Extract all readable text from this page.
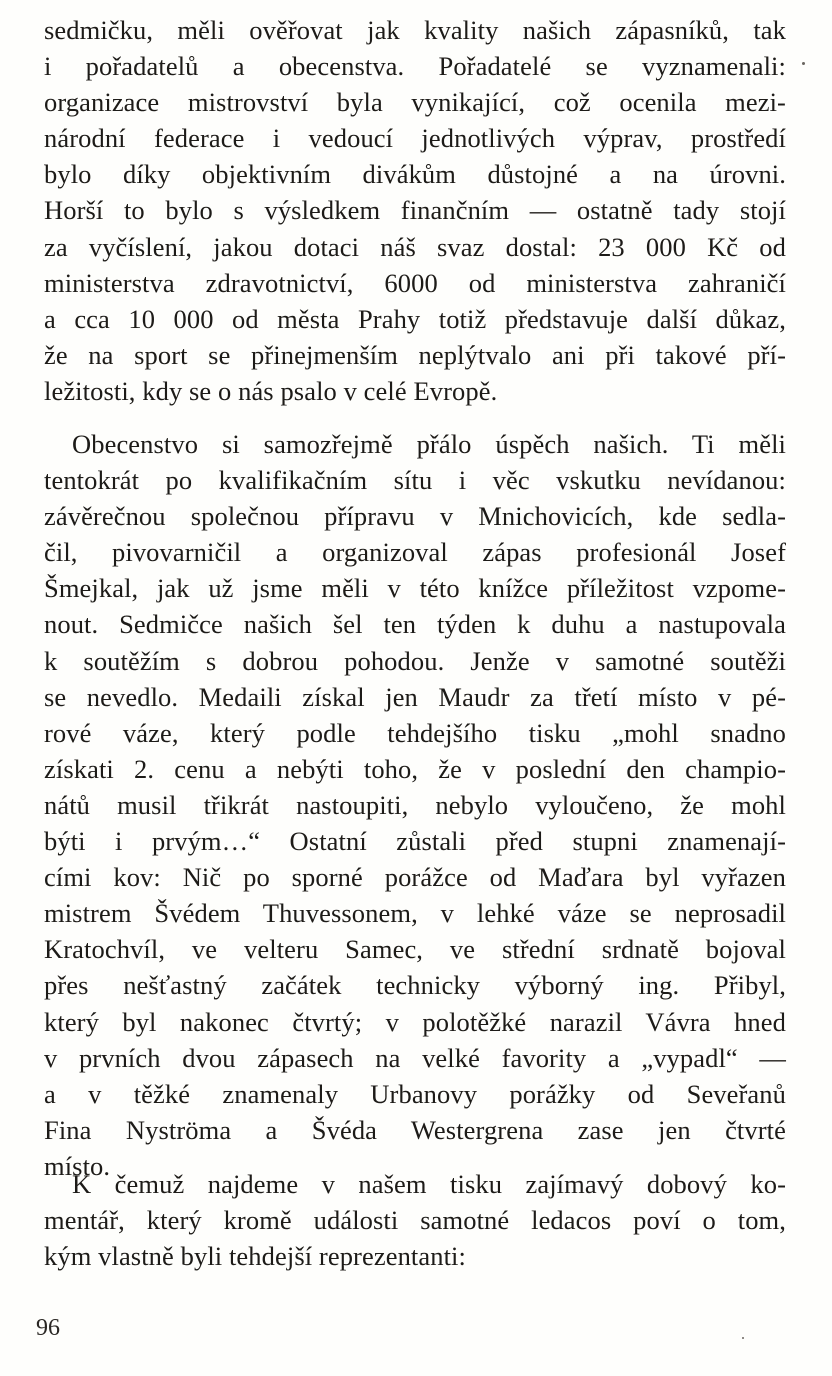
sedmičku, měli ověřovat jak kvality našich zápasníků, tak
i pořadatelů a obecenstva. Pořadatelé se vyznamenali:
organizace mistrovství byla vynikající, což ocenila mezi-
národní federace i vedoucí jednotlivých výprav, prostředí
bylo díky objektivním divákům důstojné a na úrovni.
Horší to bylo s výsledkem finančním — ostatně tady stojí
za vyčíslení, jakou dotaci náš svaz dostal: 23 000 Kč od
ministerstva zdravotnictví, 6000 od ministerstva zahraničí
a cca 10 000 od města Prahy totiž představuje další důkaz,
že na sport se přinejmenším neplýtvalo ani při takové pří-
ležitosti, kdy se o nás psalo v celé Evropě.
Obecenstvo si samozřejmě přálo úspěch našich. Ti měli
tentokrát po kvalifikačním sítu i věc vskutku nevídanou:
závěrečnou společnou přípravu v Mnichovicích, kde sedla-
čil, pivovarničil a organizoval zápas profesionál Josef
Šmejkal, jak už jsme měli v této knížce příležitost vzpome-
nout. Sedmičce našich šel ten týden k duhu a nastupovala
k soutěžím s dobrou pohodou. Jenže v samotné soutěži
se nevedlo. Medaili získal jen Maudr za třetí místo v pé-
rové váze, který podle tehdejšího tisku „mohl snadno
získati 2. cenu a nebýti toho, že v poslední den champio-
nátů musil třikrát nastoupiti, nebylo vyloučeno, že mohl
býti i prvým…“ Ostatní zůstali před stupni znamenají-
cími kov: Nič po sporné porážce od Maďara byl vyřazen
mistrem Švédem Thuvessonem, v lehké váze se neprosadil
Kratochvíl, ve velteru Samec, ve střední srdnatě bojoval
přes nešťastný začátek technicky výborný ing. Přibyl,
který byl nakonec čtvrtý; v polotěžké narazil Vávra hned
v prvních dvou zápasech na velké favority a „vypadl“ —
a v těžké znamenaly Urbanovy porážky od Seveřanů
Fina Nyströma a Švéda Westergrena zase jen čtvrté
místo.
K čemuž najdeme v našem tisku zajímavý dobový ko-
mentář, který kromě události samotné ledacos poví o tom,
kým vlastně byli tehdejší reprezentanti:
96
